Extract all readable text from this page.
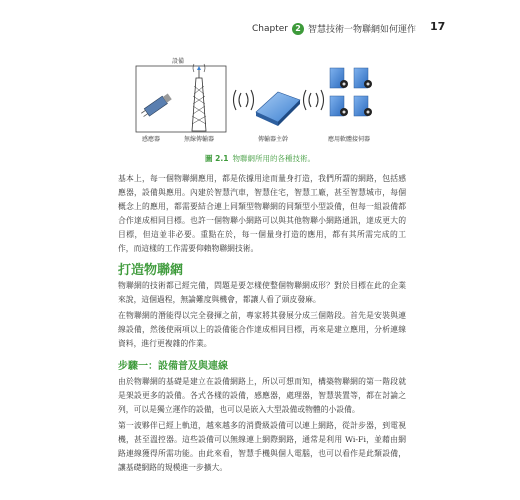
Chapter 2 智慧技術一物聯網如何運作 17
設備
感應器	無線傳輸器	傳輸器主幹	應用軟體接伺器
圖 2.1 物聯網所用的各種技術。

基本上，每一個物聯網應用，都是依據用途而量身打造，我們所謂的網路，包括感應器，設備與應用。內建於智慧汽車，智慧住宅，智慧工廠，甚至智慧城市，每個概念上的應用，都需要結合連上同類型物聯網的同類型小型設備，但每一組設備都合作達成相同目標。也許一個物聯小網路可以與其他物聯小網路通訊，達成更大的目標，但這並非必要。重點在於，每一個量身打造的應用，都有其所需完成的工作，而這樣的工作需要仰賴物聯網技術。

打造物聯網

物聯網的技術都已經完備，問題是要怎樣使整個物聯網成形？對於目標在此的企業來說，這個過程，無論難度與機會，都讓人看了頭皮發麻。

在物聯網的潛能得以完全發揮之前，專家將其發展分成三個階段。首先是安裝與連線設備，然後使兩項以上的設備能合作達成相同目標，再來是建立應用，分析連線資料，進行更複雜的作業。

步驟一：設備普及與連線

由於物聯網的基礎是建立在設備網路上，所以可想而知，構築物聯網的第一階段就是架設更多的設備。各式各樣的設備，感應器，處理器，智慧裝置等，都在討論之列，可以是獨立運作的設備，也可以是嵌入大型設備或物體的小設備。

第一波夥伴已經上軌道，越來越多的消費級設備可以連上網路，從計步器，到電視機，甚至溫控器。這些設備可以無線連上網際網路，通常是利用 Wi-Fi，並藉由網路連線獲得所需功能。由此來看，智慧手機與個人電腦，也可以看作是此類設備，讓基礎網路的規模進一步擴大。
